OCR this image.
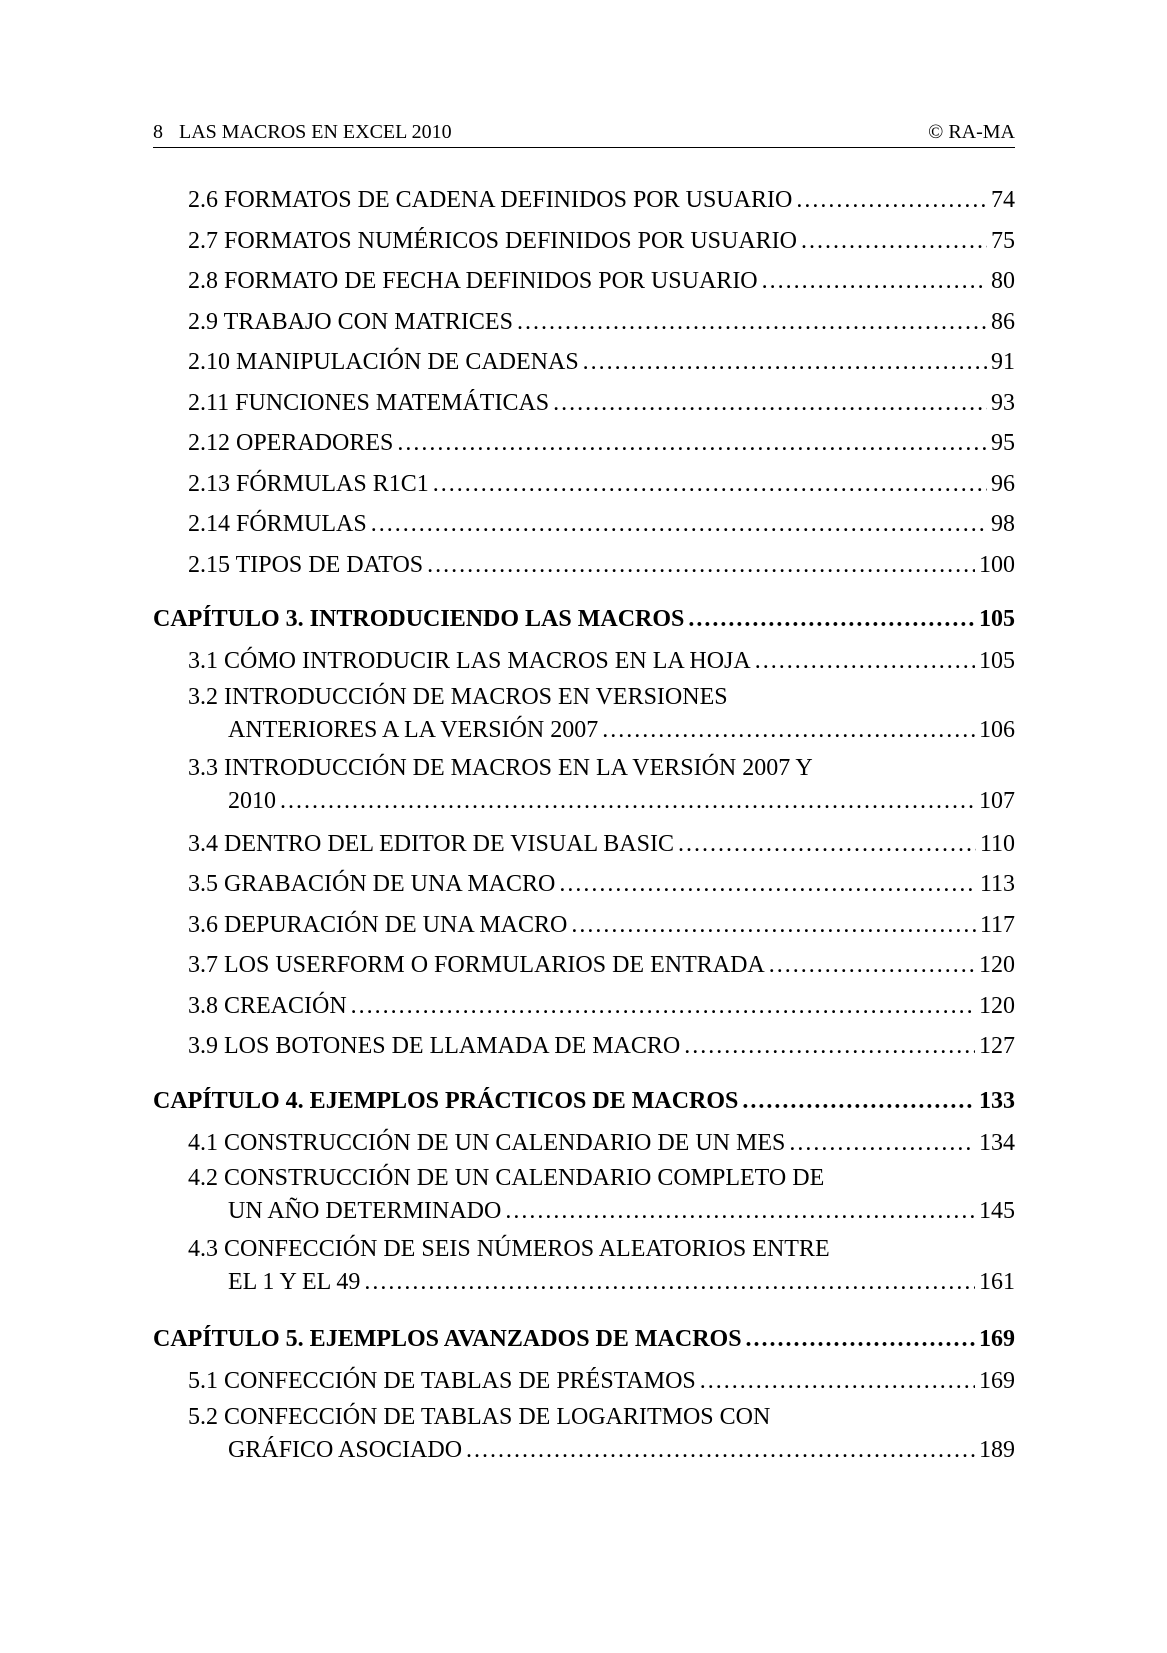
8 LAS MACROS EN EXCEL 2010	© RA-MA
2.6 FORMATOS DE CADENA DEFINIDOS POR USUARIO .....	74
2.7 FORMATOS NUMÉRICOS DEFINIDOS POR USUARIO .....	75
2.8 FORMATO DE FECHA DEFINIDOS POR USUARIO .....	80
2.9 TRABAJO CON MATRICES .....	86
2.10 MANIPULACIÓN DE CADENAS .....	91
2.11 FUNCIONES MATEMÁTICAS .....	93
2.12 OPERADORES .....	95
2.13 FÓRMULAS R1C1 .....	96
2.14 FÓRMULAS .....	98
2.15 TIPOS DE DATOS .....	100
CAPÍTULO 3. INTRODUCIENDO LAS MACROS .....	105
3.1 CÓMO INTRODUCIR LAS MACROS EN LA HOJA .....	105
3.2 INTRODUCCIÓN DE MACROS EN VERSIONES
ANTERIORES A LA VERSIÓN 2007 .....	106
3.3 INTRODUCCIÓN DE MACROS EN LA VERSIÓN 2007 Y
2010 .....	107
3.4 DENTRO DEL EDITOR DE VISUAL BASIC .....	110
3.5 GRABACIÓN DE UNA MACRO .....	113
3.6 DEPURACIÓN DE UNA MACRO .....	117
3.7 LOS USERFORM O FORMULARIOS DE ENTRADA .....	120
3.8 CREACIÓN .....	120
3.9 LOS BOTONES DE LLAMADA DE MACRO .....	127
CAPÍTULO 4. EJEMPLOS PRÁCTICOS DE MACROS .....	133
4.1 CONSTRUCCIÓN DE UN CALENDARIO DE UN MES .....	134
4.2 CONSTRUCCIÓN DE UN CALENDARIO COMPLETO DE
UN AÑO DETERMINADO .....	145
4.3 CONFECCIÓN DE SEIS NÚMEROS ALEATORIOS ENTRE
EL 1 Y EL 49 .....	161
CAPÍTULO 5. EJEMPLOS AVANZADOS DE MACROS .....	169
5.1 CONFECCIÓN DE TABLAS DE PRÉSTAMOS .....	169
5.2 CONFECCIÓN DE TABLAS DE LOGARITMOS CON
GRÁFICO ASOCIADO .....	189
